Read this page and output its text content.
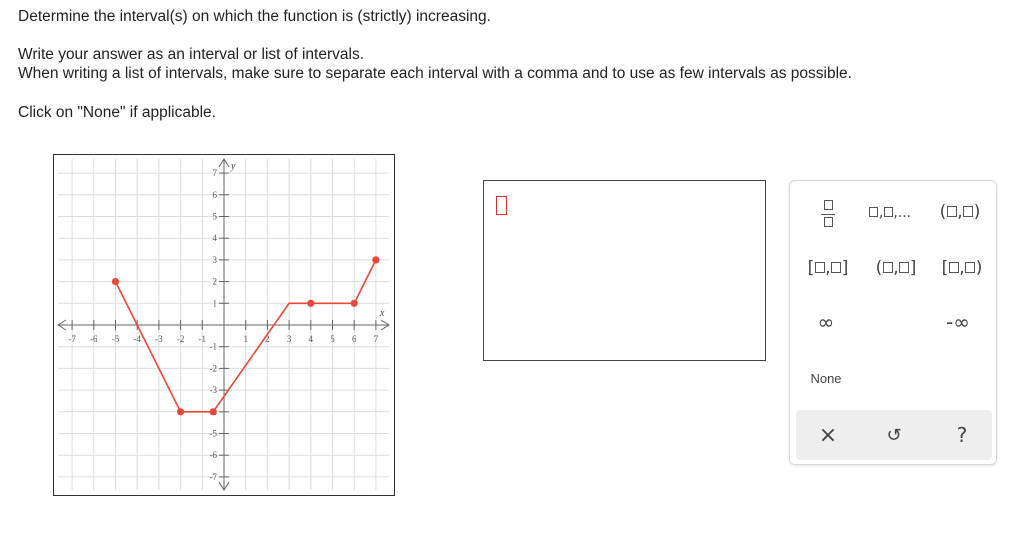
Determine the interval(s) on which the function is (strictly) increasing.
Write your answer as an interval or list of intervals.
When writing a list of intervals, make sure to separate each interval with a comma and to use as few intervals as possible.
Click on "None" if applicable.
-7 -6 -5 -4 -3 -2 -1	1 2 3 4 5 6 7
-7
-6
-5
-3
-2
-1
1
2
3
4
5
6
7
x
y
, ,... ( , )
[ , ] ( , ] [ , )
∞	-∞
None
×	↺	?
